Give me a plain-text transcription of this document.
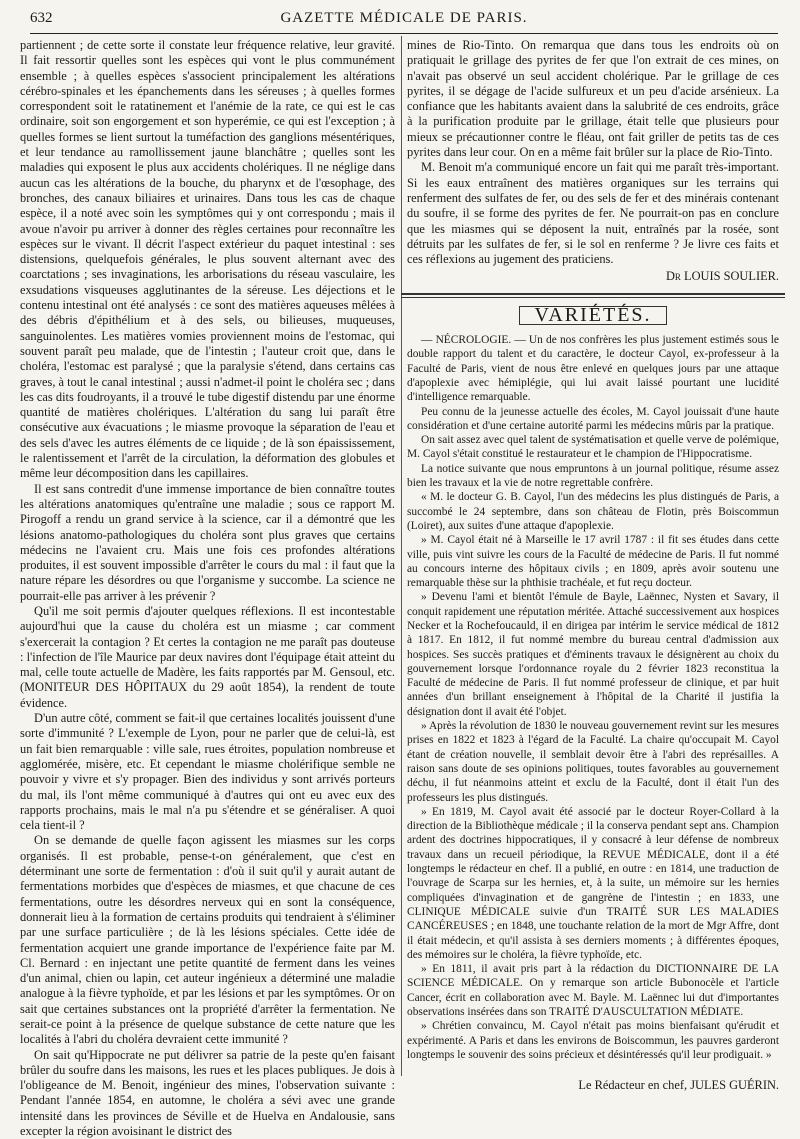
632	GAZETTE MÉDICALE DE PARIS.

partiennent ; de cette sorte il constate leur fréquence relative, leur gravité. Il fait ressortir quelles sont les espèces qui vont le plus communément ensemble ; à quelles espèces s'associent principalement les altérations cérébro-spinales et les épanchements dans les séreuses ; à quelles formes correspondent soit le ratatinement et l'anémie de la rate, ce qui est le cas ordinaire, soit son engorgement et son hyperémie, ce qui est l'exception ; à quelles formes se lient surtout la tuméfaction des ganglions mésentériques, et leur tendance au ramollissement jaune blanchâtre ; quelles sont les maladies qui exposent le plus aux accidents cholériques. Il ne néglige dans aucun cas les altérations de la bouche, du pharynx et de l'œsophage, des bronches, des canaux biliaires et urinaires. Dans tous les cas de chaque espèce, il a noté avec soin les symptômes qui y ont correspondu ; mais il avoue n'avoir pu arriver à donner des règles certaines pour reconnaître les espèces sur le vivant. Il décrit l'aspect extérieur du paquet intestinal : ses distensions, quelquefois générales, le plus souvent alternant avec des coarctations ; ses invaginations, les arborisations du réseau vasculaire, les exsudations visqueuses agglutinantes de la séreuse. Les déjections et le contenu intestinal ont été analysés : ce sont des matières aqueuses mêlées à des débris d'épithélium et à des sels, ou bilieuses, muqueuses, sanguinolentes. Les matières vomies proviennent moins de l'estomac, qui souvent paraît peu malade, que de l'intestin ; l'auteur croit que, dans le choléra, l'estomac est paralysé ; que la paralysie s'étend, dans certains cas graves, à tout le canal intestinal ; aussi n'admet-il point le choléra sec ; dans les cas dits foudroyants, il a trouvé le tube digestif distendu par une énorme quantité de matières cholériques. L'altération du sang lui paraît être consécutive aux évacuations ; le miasme provoque la séparation de l'eau et des sels d'avec les autres éléments de ce liquide ; de là son épaississement, le ralentissement et l'arrêt de la circulation, la déformation des globules et même leur décomposition dans les capillaires.

Il est sans contredit d'une immense importance de bien connaître toutes les altérations anatomiques qu'entraîne une maladie ; sous ce rapport M. Pirogoff a rendu un grand service à la science, car il a démontré que les lésions anatomo-pathologiques du choléra sont plus graves que certains médecins ne l'avaient cru. Mais une fois ces profondes altérations produites, il est souvent impossible d'arrêter le cours du mal : il faut que la nature répare les désordres ou que l'organisme y succombe. La science ne pourrait-elle pas arriver à les prévenir ?

Qu'il me soit permis d'ajouter quelques réflexions. Il est incontestable aujourd'hui que la cause du choléra est un miasme ; car comment s'exercerait la contagion ? Et certes la contagion ne me paraît pas douteuse : l'infection de l'île Maurice par deux navires dont l'équipage était atteint du mal, celle toute actuelle de Madère, les faits rapportés par M. Gensoul, etc. (MONITEUR DES HÔPITAUX du 29 août 1854), la rendent de toute évidence.

D'un autre côté, comment se fait-il que certaines localités jouissent d'une sorte d'immunité ? L'exemple de Lyon, pour ne parler que de celui-là, est un fait bien remarquable : ville sale, rues étroites, population nombreuse et agglomérée, misère, etc. Et cependant le miasme cholérifique semble ne pouvoir y vivre et s'y propager. Bien des individus y sont arrivés porteurs du mal, ils l'ont même communiqué à d'autres qui ont eu avec eux des rapports prochains, mais le mal n'a pu s'étendre et se généraliser. A quoi cela tient-il ?

On se demande de quelle façon agissent les miasmes sur les corps organisés. Il est probable, pense-t-on généralement, que c'est en déterminant une sorte de fermentation : d'où il suit qu'il y aurait autant de fermentations morbides que d'espèces de miasmes, et que chacune de ces fermentations, outre les désordres nerveux qui en sont la conséquence, donnerait lieu à la formation de certains produits qui tendraient à s'éliminer par une surface particulière ; de là les lésions spéciales. Cette idée de fermentation acquiert une grande importance de l'expérience faite par M. Cl. Bernard : en injectant une petite quantité de ferment dans les veines d'un animal, chien ou lapin, cet auteur ingénieux a déterminé une maladie analogue à la fièvre typhoïde, et par les lésions et par les symptômes. Or on sait que certaines substances ont la propriété d'arrêter la fermentation. Ne serait-ce point à la présence de quelque substance de cette nature que les localités à l'abri du choléra devraient cette immunité ?

On sait qu'Hippocrate ne put délivrer sa patrie de la peste qu'en faisant brûler du soufre dans les maisons, les rues et les places publiques. Je dois à l'obligeance de M. Benoit, ingénieur des mines, l'observation suivante : Pendant l'année 1854, en automne, le choléra a sévi avec une grande intensité dans les provinces de Séville et de Huelva en Andalousie, sans excepter la région avoisinant le district des

mines de Rio-Tinto. On remarqua que dans tous les endroits où on pratiquait le grillage des pyrites de fer que l'on extrait de ces mines, on n'avait pas observé un seul accident cholérique. Par le grillage de ces pyrites, il se dégage de l'acide sulfureux et un peu d'acide arsénieux. La confiance que les habitants avaient dans la salubrité de ces endroits, grâce à la purification produite par le grillage, était telle que plusieurs pour mieux se précautionner contre le fléau, ont fait griller de petits tas de ces pyrites dans leur cour. On en a même fait brûler sur la place de Rio-Tinto.

M. Benoit m'a communiqué encore un fait qui me paraît très-important. Si les eaux entraînent des matières organiques sur les terrains qui renferment des sulfates de fer, ou des sels de fer et des minérais contenant du soufre, il se forme des pyrites de fer. Ne pourrait-on pas en conclure que les miasmes qui se déposent la nuit, entraînés par la rosée, sont détruits par les sulfates de fer, si le sol en renferme ? Je livre ces faits et ces réflexions au jugement des praticiens.

Dr LOUIS SOULIER.
VARIÉTÉS.

— NÉCROLOGIE. — Un de nos confrères les plus justement estimés sous le double rapport du talent et du caractère, le docteur Cayol, ex-professeur à la Faculté de Paris, vient de nous être enlevé en quelques jours par une attaque d'apoplexie avec hémiplégie, qui lui avait laissé pourtant une lucidité d'intelligence remarquable.

Peu connu de la jeunesse actuelle des écoles, M. Cayol jouissait d'une haute considération et d'une certaine autorité parmi les médecins mûris par la pratique.

On sait assez avec quel talent de systématisation et quelle verve de polémique, M. Cayol s'était constitué le restaurateur et le champion de l'Hippocratisme.

La notice suivante que nous empruntons à un journal politique, résume assez bien les travaux et la vie de notre regrettable confrère.

« M. le docteur G. B. Cayol, l'un des médecins les plus distingués de Paris, a succombé le 24 septembre, dans son château de Flotin, près Boiscommun (Loiret), aux suites d'une attaque d'apoplexie.

» M. Cayol était né à Marseille le 17 avril 1787 : il fit ses études dans cette ville, puis vint suivre les cours de la Faculté de médecine de Paris. Il fut nommé au concours interne des hôpitaux civils ; en 1809, après avoir soutenu une remarquable thèse sur la phthisie trachéale, et fut reçu docteur.

» Devenu l'ami et bientôt l'émule de Bayle, Laënnec, Nysten et Savary, il conquit rapidement une réputation méritée. Attaché successivement aux hospices Necker et la Rochefoucauld, il en dirigea par intérim le service médical de 1812 à 1817. En 1812, il fut nommé membre du bureau central d'admission aux hospices. Ses succès pratiques et d'éminents travaux le désignèrent au choix du gouvernement lorsque l'ordonnance royale du 2 février 1823 reconstitua la Faculté de médecine de Paris. Il fut nommé professeur de clinique, et par huit années d'un brillant enseignement à l'hôpital de la Charité il justifia la désignation dont il avait été l'objet.

» Après la révolution de 1830 le nouveau gouvernement revint sur les mesures prises en 1822 et 1823 à l'égard de la Faculté. La chaire qu'occupait M. Cayol étant de création nouvelle, il semblait devoir être à l'abri des représailles. A raison sans doute de ses opinions politiques, toutes favorables au gouvernement déchu, il fut néanmoins atteint et exclu de la Faculté, dont il était l'un des professeurs les plus distingués.

» En 1819, M. Cayol avait été associé par le docteur Royer-Collard à la direction de la Bibliothèque médicale ; il la conserva pendant sept ans. Champion ardent des doctrines hippocratiques, il y consacré à leur défense de nombreux travaux dans un recueil périodique, la REVUE MÉDICALE, dont il a été longtemps le rédacteur en chef. Il a publié, en outre : en 1814, une traduction de l'ouvrage de Scarpa sur les hernies, et, à la suite, un mémoire sur les hernies compliquées d'invagination et de gangrène de l'intestin ; en 1833, une CLINIQUE MÉDICALE suivie d'un TRAITÉ SUR LES MALADIES CANCÉREUSES ; en 1848, une touchante relation de la mort de Mgr Affre, dont il était médecin, et qu'il assista à ses derniers moments ; à différentes époques, des mémoires sur le choléra, la fièvre typhoïde, etc.

» En 1811, il avait pris part à la rédaction du DICTIONNAIRE DE LA SCIENCE MÉDICALE. On y remarque son article Bubonocèle et l'article Cancer, écrit en collaboration avec M. Bayle. M. Laënnec lui dut d'importantes observations insérées dans son TRAITÉ D'AUSCULTATION MÉDIATE.

» Chrétien convaincu, M. Cayol n'était pas moins bienfaisant qu'érudit et expérimenté. A Paris et dans les environs de Boiscommun, les pauvres garderont longtemps le souvenir des soins précieux et désintéressés qu'il leur prodiguait. »

Le Rédacteur en chef, JULES GUÉRIN.
